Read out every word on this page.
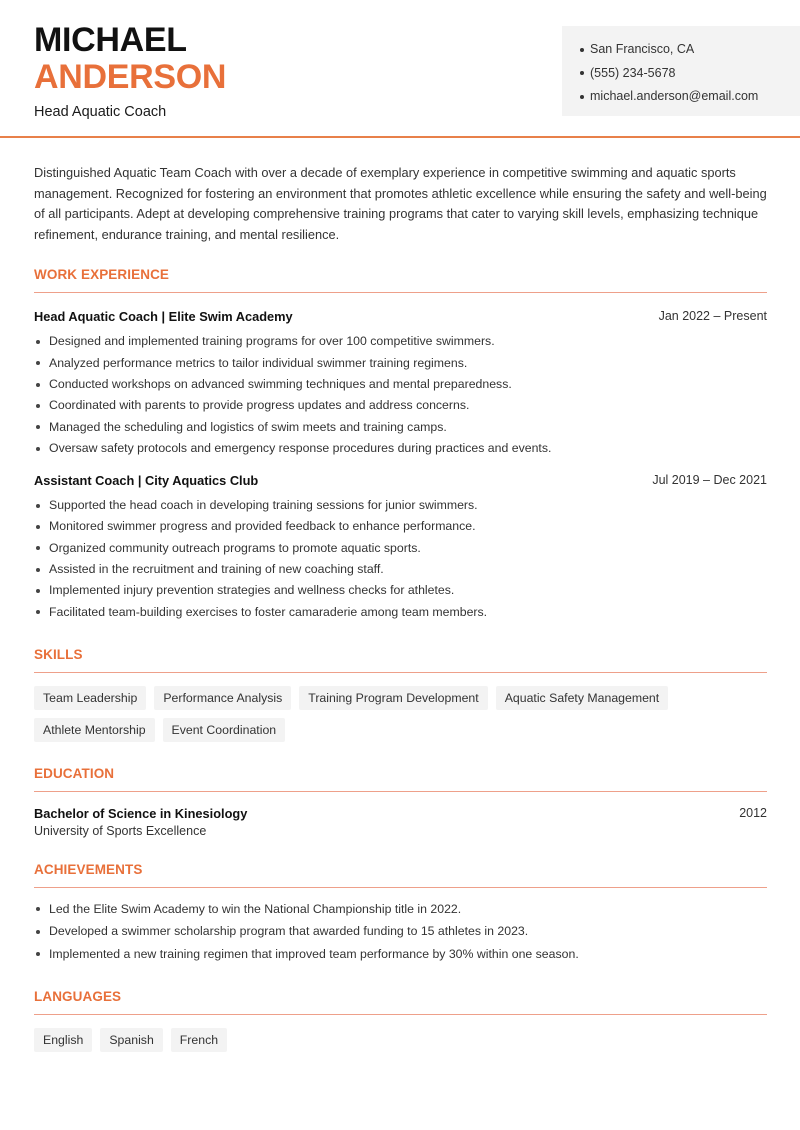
MICHAEL
ANDERSON
Head Aquatic Coach
San Francisco, CA
(555) 234-5678
michael.anderson@email.com

Distinguished Aquatic Team Coach with over a decade of exemplary experience in competitive swimming and aquatic sports management. Recognized for fostering an environment that promotes athletic excellence while ensuring the safety and well-being of all participants. Adept at developing comprehensive training programs that cater to varying skill levels, emphasizing technique refinement, endurance training, and mental resilience.

WORK EXPERIENCE
Head Aquatic Coach | Elite Swim Academy	Jan 2022 – Present
Designed and implemented training programs for over 100 competitive swimmers.
Analyzed performance metrics to tailor individual swimmer training regimens.
Conducted workshops on advanced swimming techniques and mental preparedness.
Coordinated with parents to provide progress updates and address concerns.
Managed the scheduling and logistics of swim meets and training camps.
Oversaw safety protocols and emergency response procedures during practices and events.
Assistant Coach | City Aquatics Club	Jul 2019 – Dec 2021
Supported the head coach in developing training sessions for junior swimmers.
Monitored swimmer progress and provided feedback to enhance performance.
Organized community outreach programs to promote aquatic sports.
Assisted in the recruitment and training of new coaching staff.
Implemented injury prevention strategies and wellness checks for athletes.
Facilitated team-building exercises to foster camaraderie among team members.
SKILLS
Team Leadership	Performance Analysis	Training Program Development	Aquatic Safety Management
Athlete Mentorship	Event Coordination
EDUCATION
Bachelor of Science in Kinesiology	2012
University of Sports Excellence
ACHIEVEMENTS
Led the Elite Swim Academy to win the National Championship title in 2022.
Developed a swimmer scholarship program that awarded funding to 15 athletes in 2023.
Implemented a new training regimen that improved team performance by 30% within one season.
LANGUAGES
English	Spanish	French
